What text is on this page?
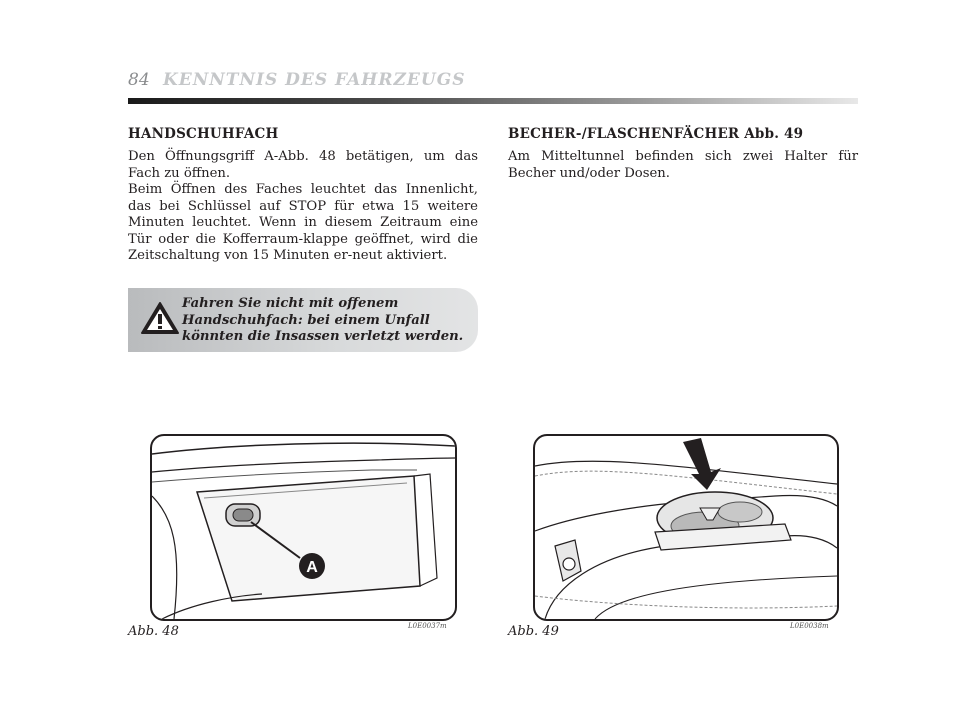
84 KENNTNIS DES FAHRZEUGS
HANDSCHUHFACH

Den Öffnungsgriff A-Abb. 48 betätigen, um das Fach zu öffnen.

Beim Öffnen des Faches leuchtet das Innenlicht, das bei Schlüssel auf STOP für etwa 15 weitere Minuten leuchtet. Wenn in diesem Zeitraum eine Tür oder die Kofferraum-klappe geöffnet, wird die Zeitschaltung von 15 Minuten er-neut aktiviert.

Fahren Sie nicht mit offenem Handschuhfach: bei einem Unfall könnten die Insassen verletzt werden.
BECHER-/FLASCHENFÄCHER Abb. 49
Am Mitteltunnel befinden sich zwei Halter für Becher und/oder Dosen.
A
Abb. 48	L0E0037m	Abb. 49	L0E0038m
